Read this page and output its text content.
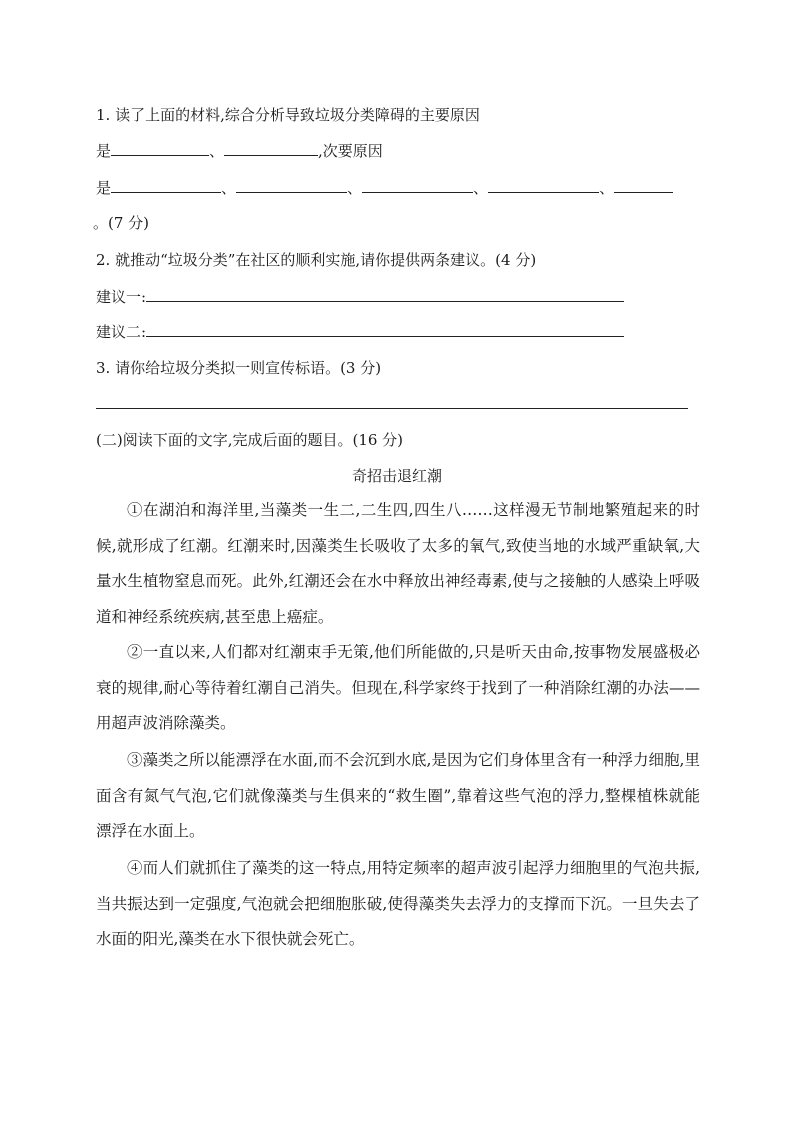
1. 读了上面的材料,综合分析导致垃圾分类障碍的主要原因
是	、	,次要原因
是	、	、	、	、
。(7 分)
2. 就推动“垃圾分类”在社区的顺利实施,请你提供两条建议。(4 分)
建议一:
建议二:
3. 请你给垃圾分类拟一则宣传标语。(3 分)
(二)阅读下面的文字,完成后面的题目。(16 分)
奇招击退红潮
①在湖泊和海洋里,当藻类一生二,二生四,四生八……这样漫无节制地繁殖起来的时候,就形成了红潮。红潮来时,因藻类生长吸收了太多的氧气,致使当地的水域严重缺氧,大量水生植物窒息而死。此外,红潮还会在水中释放出神经毒素,使与之接触的人感染上呼吸道和神经系统疾病,甚至患上癌症。
②一直以来,人们都对红潮束手无策,他们所能做的,只是听天由命,按事物发展盛极必衰的规律,耐心等待着红潮自己消失。但现在,科学家终于找到了一种消除红潮的办法——用超声波消除藻类。
③藻类之所以能漂浮在水面,而不会沉到水底,是因为它们身体里含有一种浮力细胞,里面含有氮气气泡,它们就像藻类与生俱来的“救生圈”,靠着这些气泡的浮力,整棵植株就能漂浮在水面上。
④而人们就抓住了藻类的这一特点,用特定频率的超声波引起浮力细胞里的气泡共振,当共振达到一定强度,气泡就会把细胞胀破,使得藻类失去浮力的支撑而下沉。一旦失去了水面的阳光,藻类在水下很快就会死亡。
